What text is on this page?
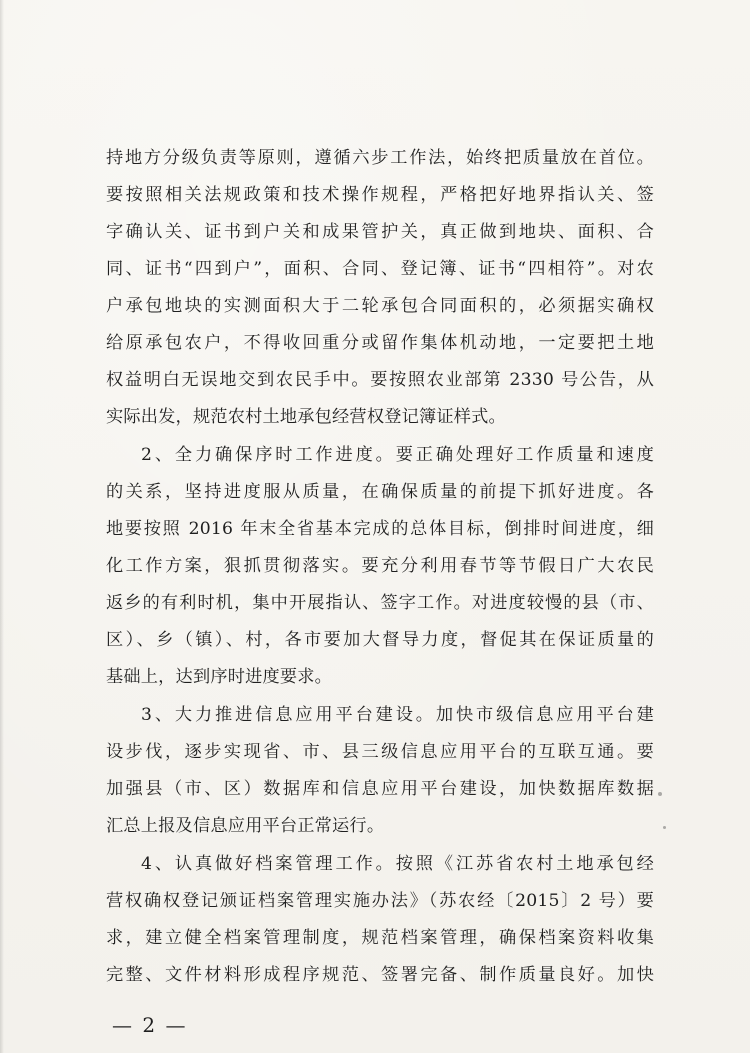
持地方分级负责等原则，遵循六步工作法，始终把质量放在首位。
要按照相关法规政策和技术操作规程，严格把好地界指认关、签
字确认关、证书到户关和成果管护关，真正做到地块、面积、合
同、证书“四到户”，面积、合同、登记簿、证书“四相符”。对农
户承包地块的实测面积大于二轮承包合同面积的，必须据实确权
给原承包农户，不得收回重分或留作集体机动地，一定要把土地
权益明白无误地交到农民手中。要按照农业部第 2330 号公告，从
实际出发，规范农村土地承包经营权登记簿证样式。
2、全力确保序时工作进度。要正确处理好工作质量和速度
的关系，坚持进度服从质量，在确保质量的前提下抓好进度。各
地要按照 2016 年末全省基本完成的总体目标，倒排时间进度，细
化工作方案，狠抓贯彻落实。要充分利用春节等节假日广大农民
返乡的有利时机，集中开展指认、签字工作。对进度较慢的县（市、
区）、乡（镇）、村，各市要加大督导力度，督促其在保证质量的
基础上，达到序时进度要求。
3、大力推进信息应用平台建设。加快市级信息应用平台建
设步伐，逐步实现省、市、县三级信息应用平台的互联互通。要
加强县（市、区）数据库和信息应用平台建设，加快数据库数据
汇总上报及信息应用平台正常运行。
4、认真做好档案管理工作。按照《江苏省农村土地承包经
营权确权登记颁证档案管理实施办法》（苏农经〔2015〕2 号）要
求，建立健全档案管理制度，规范档案管理，确保档案资料收集
完整、文件材料形成程序规范、签署完备、制作质量良好。加快
— 2 —
